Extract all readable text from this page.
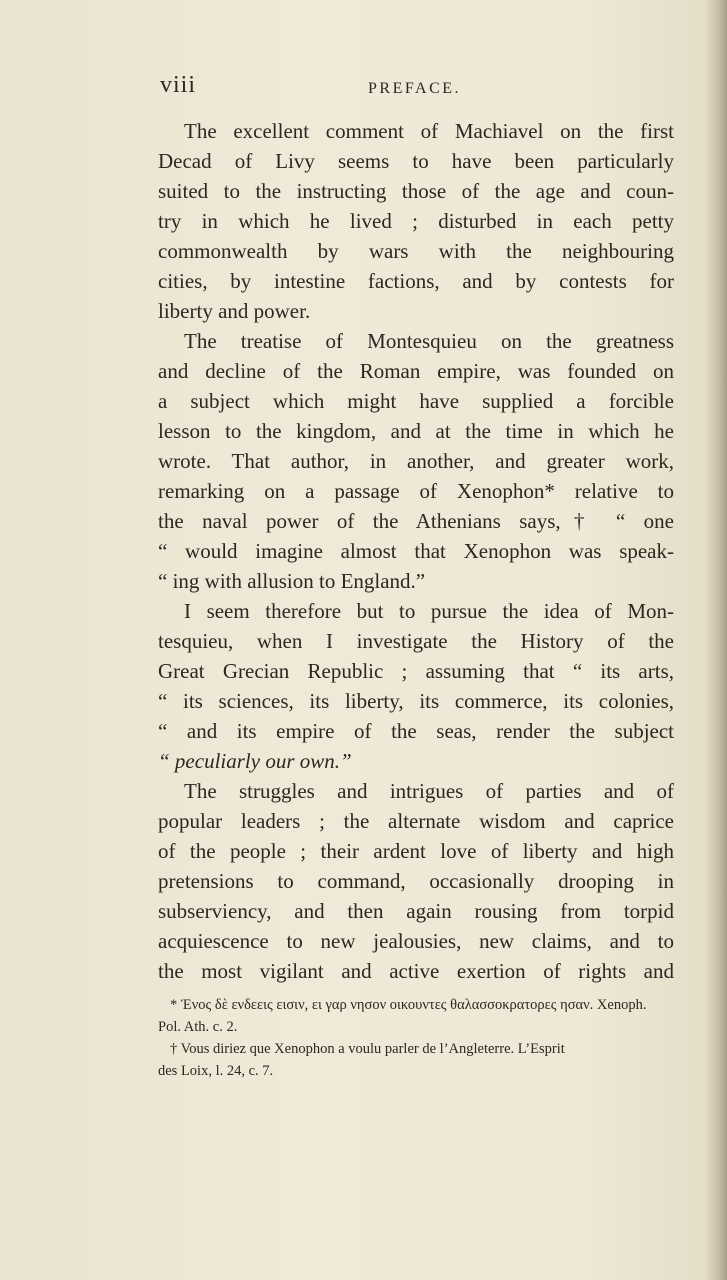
viii	PREFACE.

The excellent comment of Machiavel on the first

Decad of Livy seems to have been particularly

suited to the instructing those of the age and coun-

try in which he lived ; disturbed in each petty

commonwealth by wars with the neighbouring

cities, by intestine factions, and by contests for

liberty and power.

The treatise of Montesquieu on the greatness

and decline of the Roman empire, was founded on

a subject which might have supplied a forcible

lesson to the kingdom, and at the time in which he

wrote. That author, in another, and greater work,

remarking on a passage of Xenophon* relative to

the naval power of the Athenians says,† “ one

“ would imagine almost that Xenophon was speak-

“ ing with allusion to England.”

I seem therefore but to pursue the idea of Mon-

tesquieu, when I investigate the History of the

Great Grecian Republic ; assuming that “ its arts,

“ its sciences, its liberty, its commerce, its colonies,

“ and its empire of the seas, render the subject

“ peculiarly our own.”

The struggles and intrigues of parties and of

popular leaders ; the alternate wisdom and caprice

of the people ; their ardent love of liberty and high

pretensions to command, occasionally drooping in

subserviency, and then again rousing from torpid

acquiescence to new jealousies, new claims, and to

the most vigilant and active exertion of rights and

* Ἐνος δὲ ενδεεις εισιν, ει γαρ νησον οικουντες θαλασσοκρατορες ησαν. Xenoph.

Pol. Ath. c. 2.

† Vous diriez que Xenophon a voulu parler de l’Angleterre. L’Esprit

des Loix, l. 24, c. 7.
